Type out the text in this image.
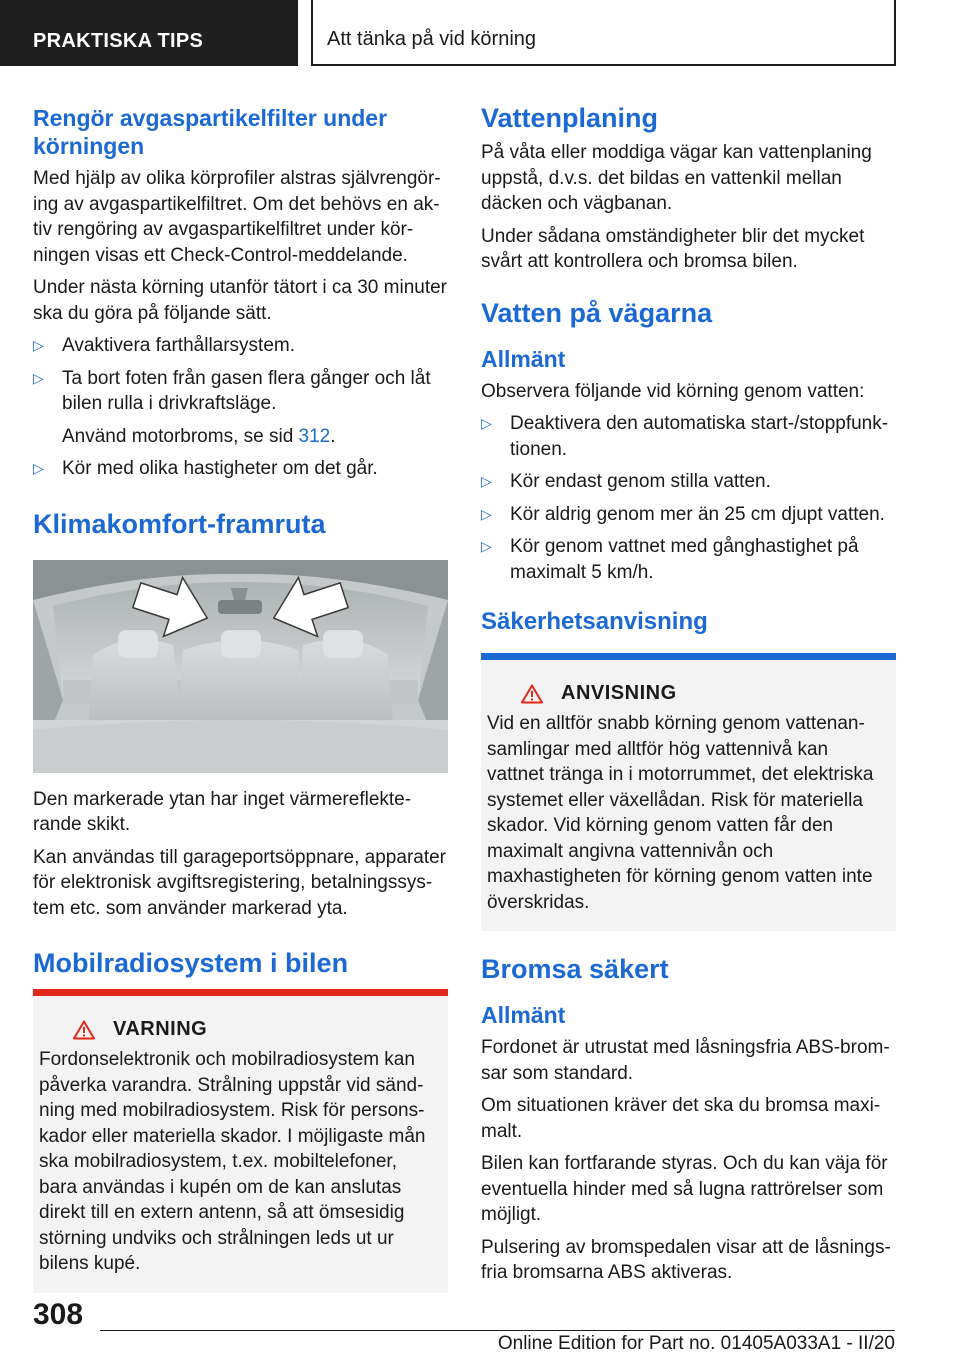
PRAKTISKA TIPS	Att tänka på vid körning
Rengör avgaspartikelfilter under körningen

Med hjälp av olika körprofiler alstras självrengöring av avgaspartikelfiltret. Om det behövs en aktiv rengöring av avgaspartikelfiltret under körningen visas ett Check-Control-meddelande.

Under nästa körning utanför tätort i ca 30 minuter ska du göra på följande sätt.

▷ Avaktivera farthållarsystem.
▷ Ta bort foten från gasen flera gånger och låt bilen rulla i drivkraftsläge.

Använd motorbroms, se sid 312.

▷ Kör med olika hastigheter om det går.
Klimakomfort-framruta

Den markerade ytan har inget värmereflekterande skikt.

Kan användas till garageportsöppnare, apparater för elektronisk avgiftsregistering, betalningssystem etc. som använder markerad yta.

Mobilradiosystem i bilen
VARNING

Fordonselektronik och mobilradiosystem kan påverka varandra. Strålning uppstår vid sändning med mobilradiosystem. Risk för personskador eller materiella skador. I möjligaste mån ska mobilradiosystem, t.ex. mobiltelefoner, bara användas i kupén om de kan anslutas direkt till en extern antenn, så att ömsesidig störning undviks och strålningen leds ut ur bilens kupé.

Vattenplaning

På våta eller moddiga vägar kan vattenplaning uppstå, d.v.s. det bildas en vattenkil mellan däcken och vägbanan.

Under sådana omständigheter blir det mycket svårt att kontrollera och bromsa bilen.

Vatten på vägarna
Allmänt

Observera följande vid körning genom vatten:

▷ Deaktivera den automatiska start-/stoppfunktionen.
▷ Kör endast genom stilla vatten.
▷ Kör aldrig genom mer än 25 cm djupt vatten.
▷ Kör genom vattnet med gånghastighet på maximalt 5 km/h.
Säkerhetsanvisning
ANVISNING

Vid en alltför snabb körning genom vattenansamlingar med alltför hög vattennivå kan vattnet tränga in i motorrummet, det elektriska systemet eller växellådan. Risk för materiella skador. Vid körning genom vatten får den maximalt angivna vattennivån och maxhastigheten för körning genom vatten inte överskridas.

Bromsa säkert
Allmänt

Fordonet är utrustat med låsningsfria ABS-bromsar som standard.

Om situationen kräver det ska du bromsa maximalt.

Bilen kan fortfarande styras. Och du kan väja för eventuella hinder med så lugna rattrörelser som möjligt.

Pulsering av bromspedalen visar att de låsningsfria bromsarna ABS aktiveras.

308
Online Edition for Part no. 01405A033A1 - II/20
